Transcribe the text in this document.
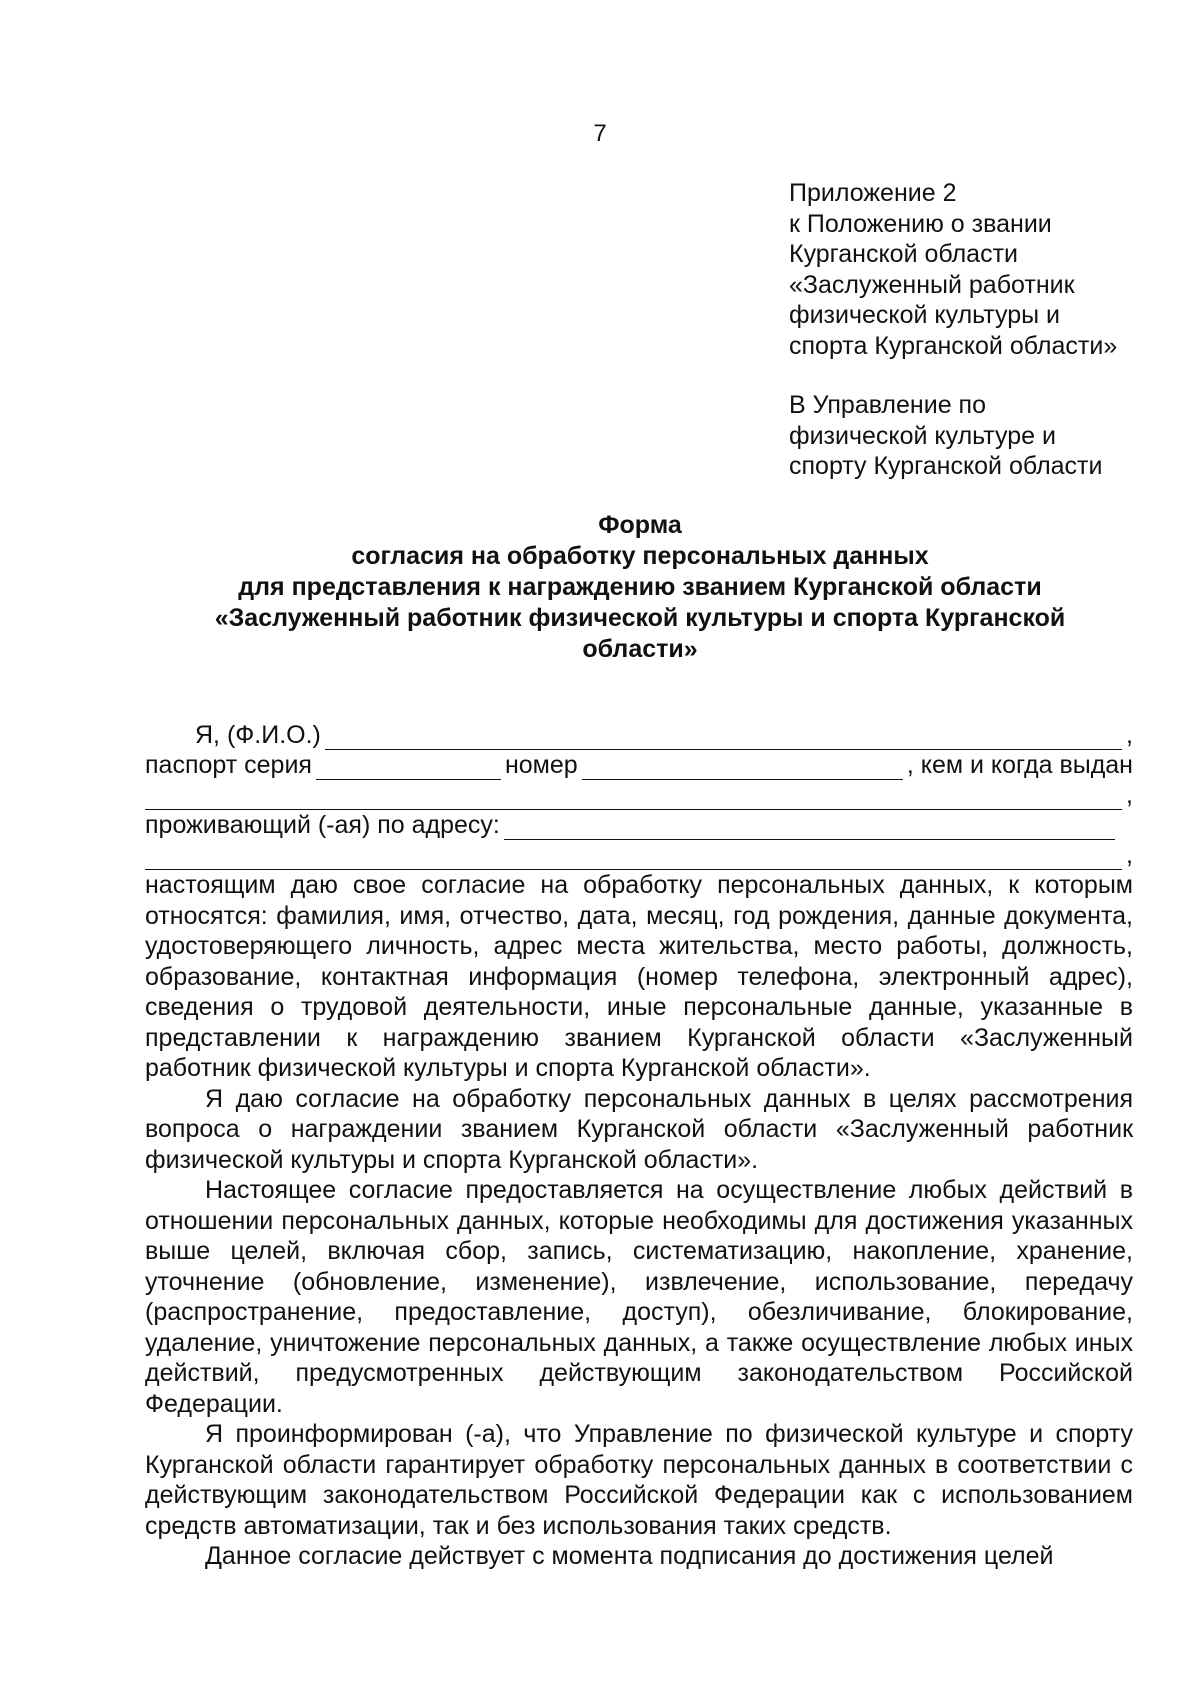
7
Приложение 2
к Положению о звании
Курганской области
«Заслуженный работник
физической культуры и
спорта Курганской области»
В Управление по
физической культуре и
спорту Курганской области
Форма
согласия на обработку персональных данных
для представления к награждению званием Курганской области
«Заслуженный работник физической культуры и спорта Курганской
области»
Я, (Ф.И.О.)	,
паспорт серия	номер	, кем и когда выдан
,
проживающий (-ая) по адресу:
,
настоящим даю свое согласие на обработку персональных данных, к которым относятся: фамилия, имя, отчество, дата, месяц, год рождения, данные документа, удостоверяющего личность, адрес места жительства, место работы, должность, образование, контактная информация (номер телефона, электронный адрес), сведения о трудовой деятельности, иные персональные данные, указанные в представлении к награждению званием Курганской области «Заслуженный работник физической культуры и спорта Курганской области».
Я даю согласие на обработку персональных данных в целях рассмотрения вопроса о награждении званием Курганской области «Заслуженный работник физической культуры и спорта Курганской области».
Настоящее согласие предоставляется на осуществление любых действий в отношении персональных данных, которые необходимы для достижения указанных выше целей, включая сбор, запись, систематизацию, накопление, хранение, уточнение (обновление, изменение), извлечение, использование, передачу (распространение, предоставление, доступ), обезличивание, блокирование, удаление, уничтожение персональных данных, а также осуществление любых иных действий, предусмотренных действующим законодательством Российской Федерации.
Я проинформирован (-а), что Управление по физической культуре и спорту Курганской области гарантирует обработку персональных данных в соответствии с действующим законодательством Российской Федерации как с использованием средств автоматизации, так и без использования таких средств.
Данное согласие действует с момента подписания до достижения целей
